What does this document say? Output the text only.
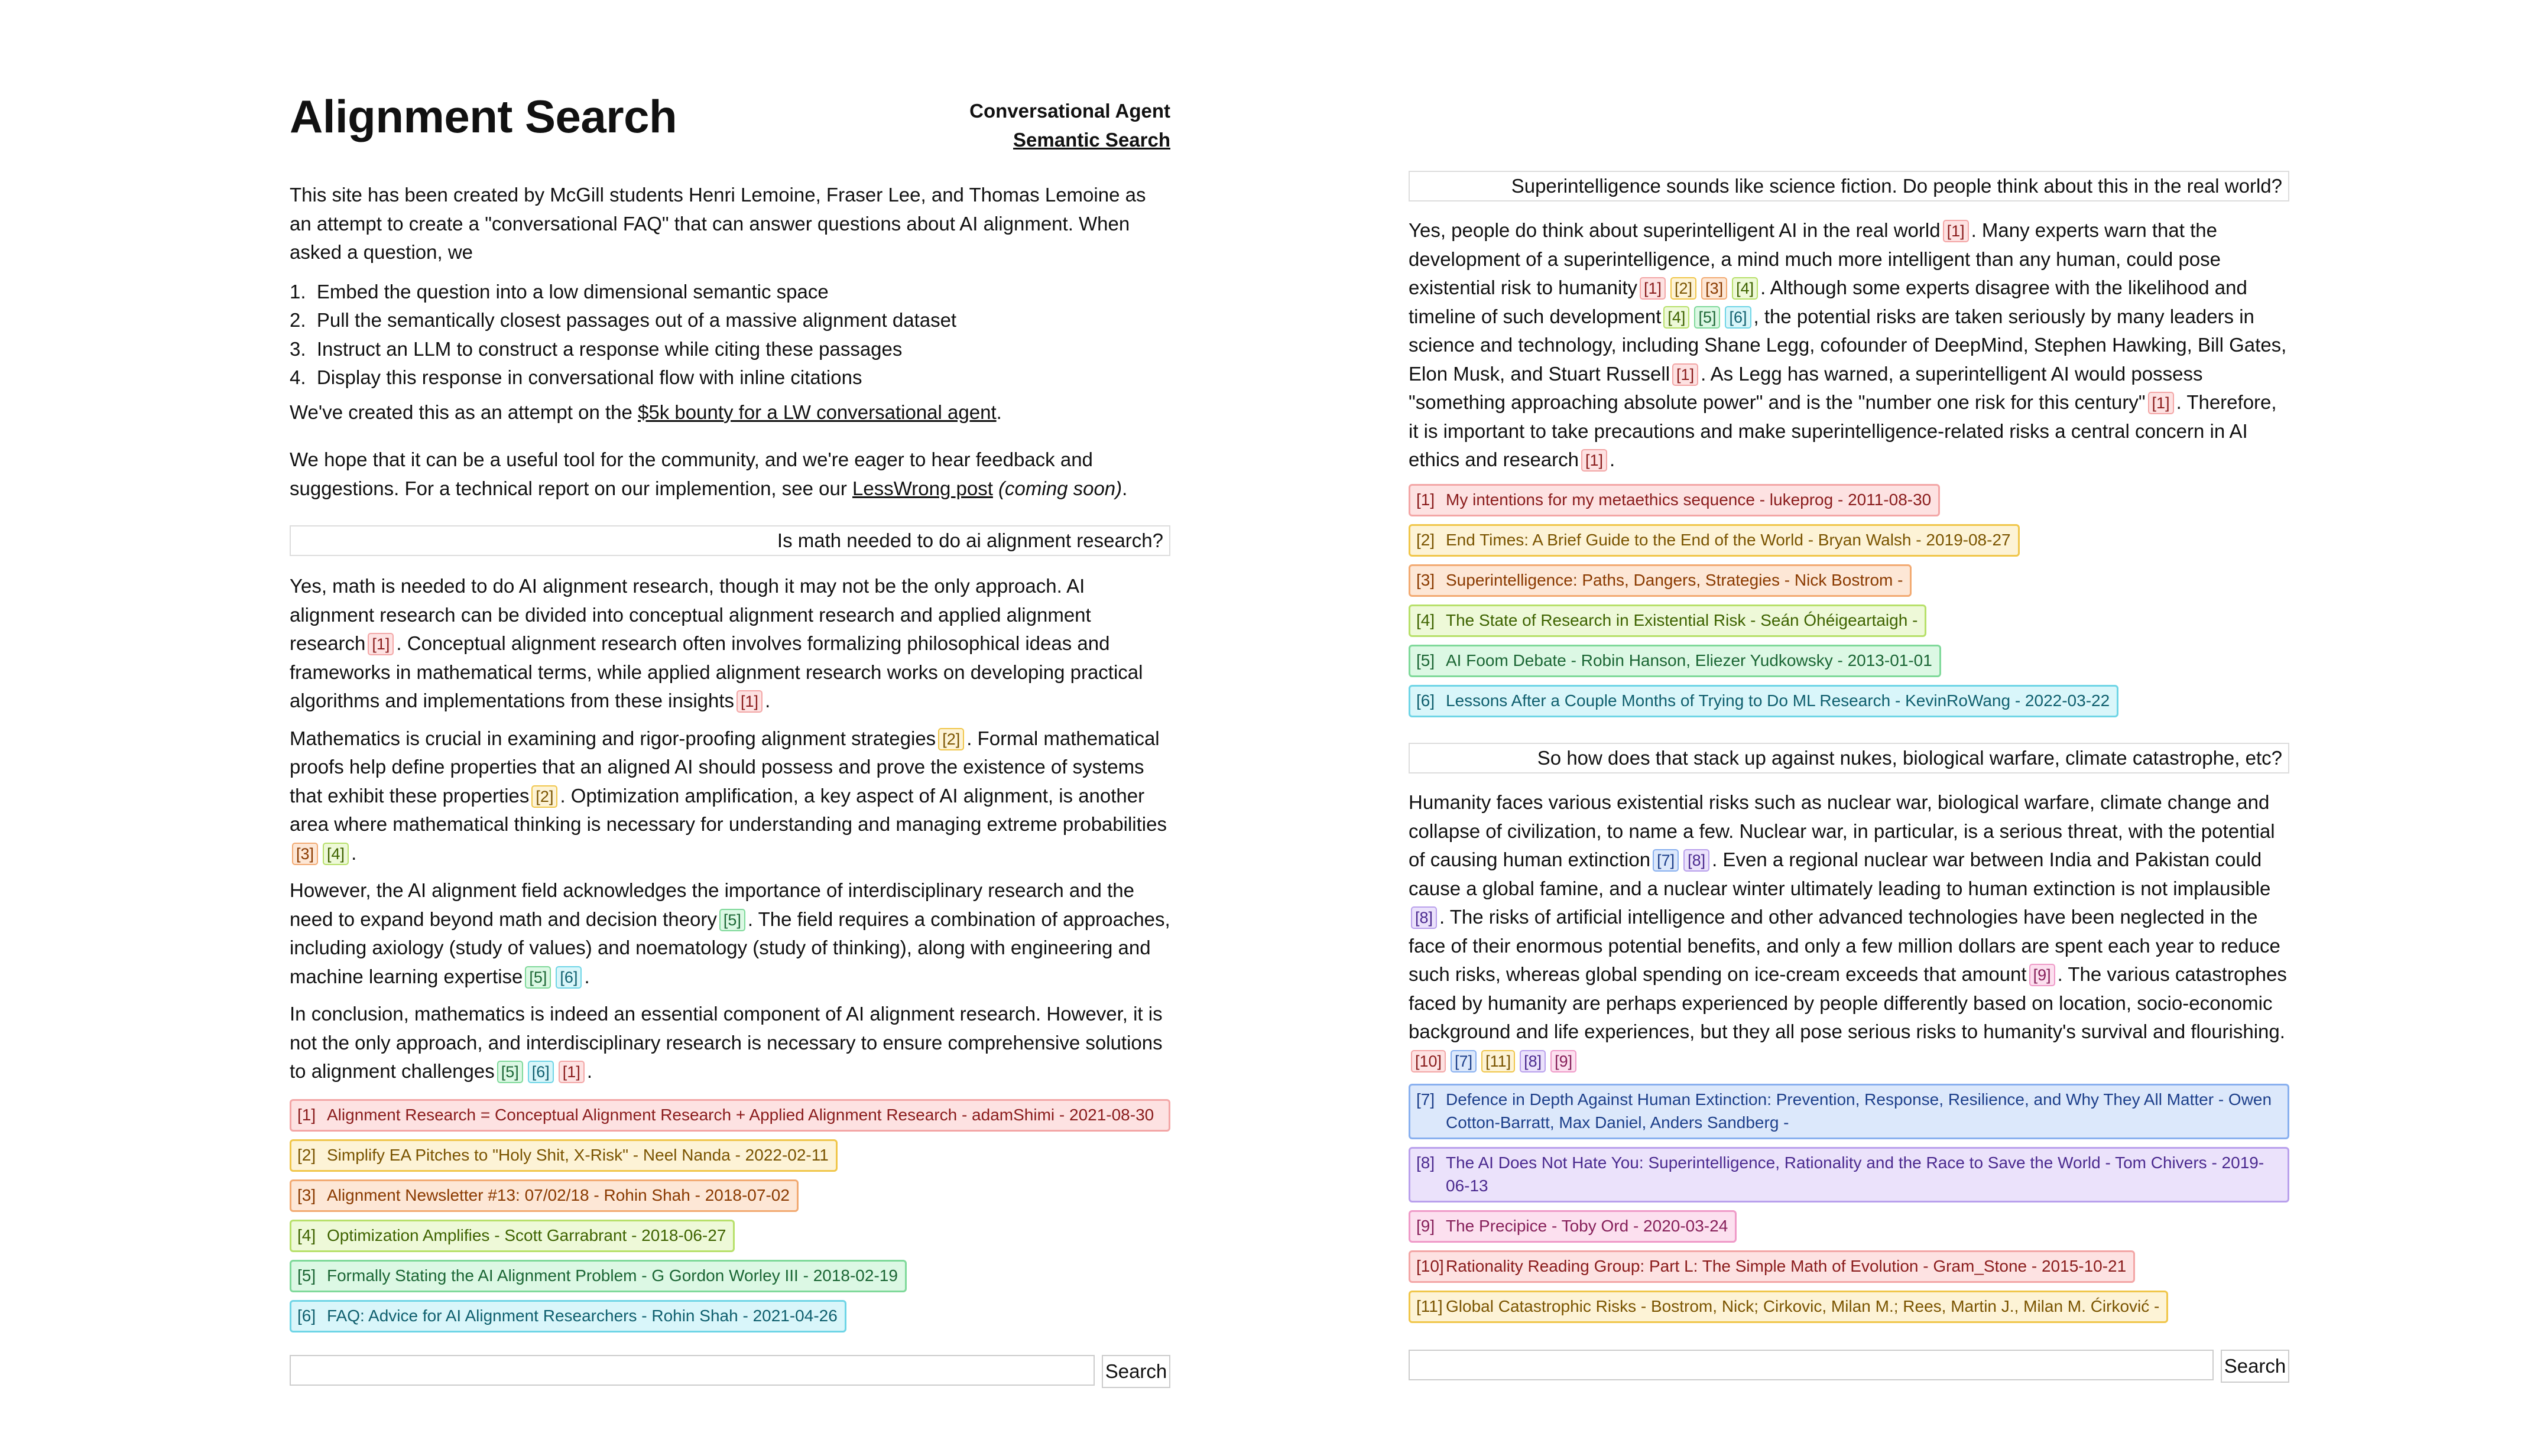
Alignment Search	Conversational Agent
Semantic Search

This site has been created by McGill students Henri Lemoine, Fraser Lee, and Thomas Lemoine as an attempt to create a "conversational FAQ" that can answer questions about AI alignment. When asked a question, we

1.  Embed the question into a low dimensional semantic space
2.  Pull the semantically closest passages out of a massive alignment dataset
3.  Instruct an LLM to construct a response while citing these passages
4.  Display this response in conversational flow with inline citations

We've created this as an attempt on the $5k bounty for a LW conversational agent.

We hope that it can be a useful tool for the community, and we're eager to hear feedback and suggestions. For a technical report on our implemention, see our LessWrong post (coming soon).

Is math needed to do ai alignment research?

Yes, math is needed to do AI alignment research, though it may not be the only approach. AI alignment research can be divided into conceptual alignment research and applied alignment research [1] . Conceptual alignment research often involves formalizing philosophical ideas and frameworks in mathematical terms, while applied alignment research works on developing practical algorithms and implementations from these insights [1] .

Mathematics is crucial in examining and rigor-proofing alignment strategies [2] . Formal mathematical proofs help define properties that an aligned AI should possess and prove the existence of systems that exhibit these properties [2] . Optimization amplification, a key aspect of AI alignment, is another area where mathematical thinking is necessary for understanding and managing extreme probabilities[3] [4] .

However, the AI alignment field acknowledges the importance of interdisciplinary research and the need to expand beyond math and decision theory [5] . The field requires a combination of approaches, including axiology (study of values) and noematology (study of thinking), along with engineering and machine learning expertise [5] [6] .

In conclusion, mathematics is indeed an essential component of AI alignment research. However, it is not the only approach, and interdisciplinary research is necessary to ensure comprehensive solutions to alignment challenges [5] [6] [1] .

[1] Alignment Research = Conceptual Alignment Research + Applied Alignment Research - adamShimi - 2021-08-30
[2] Simplify EA Pitches to "Holy Shit, X-Risk" - Neel Nanda - 2022-02-11
[3] Alignment Newsletter #13: 07/02/18 - Rohin Shah - 2018-07-02
[4] Optimization Amplifies - Scott Garrabrant - 2018-06-27
[5] Formally Stating the AI Alignment Problem - G Gordon Worley III - 2018-02-19
[6] FAQ: Advice for AI Alignment Researchers - Rohin Shah - 2021-04-26
Search
Superintelligence sounds like science fiction. Do people think about this in the real world?

Yes, people do think about superintelligent AI in the real world [1] . Many experts warn that the development of a superintelligence, a mind much more intelligent than any human, could pose existential risk to humanity [1] [2] [3] [4] . Although some experts disagree with the likelihood and timeline of such development [4] [5] [6] , the potential risks are taken seriously by many leaders in science and technology, including Shane Legg, cofounder of DeepMind, Stephen Hawking, Bill Gates, Elon Musk, and Stuart Russell [1] . As Legg has warned, a superintelligent AI would possess "something approaching absolute power" and is the "number one risk for this century" [1] . Therefore, it is important to take precautions and make superintelligence-related risks a central concern in AI ethics and research [1] .

[1] My intentions for my metaethics sequence - lukeprog - 2011-08-30
[2] End Times: A Brief Guide to the End of the World - Bryan Walsh - 2019-08-27
[3] Superintelligence: Paths, Dangers, Strategies - Nick Bostrom -
[4] The State of Research in Existential Risk - Seán Óhéigeartaigh -
[5] AI Foom Debate - Robin Hanson, Eliezer Yudkowsky - 2013-01-01
[6] Lessons After a Couple Months of Trying to Do ML Research - KevinRoWang - 2022-03-22
So how does that stack up against nukes, biological warfare, climate catastrophe, etc?

Humanity faces various existential risks such as nuclear war, biological warfare, climate change and collapse of civilization, to name a few. Nuclear war, in particular, is a serious threat, with the potential of causing human extinction [7] [8] . Even a regional nuclear war between India and Pakistan could cause a global famine, and a nuclear winter ultimately leading to human extinction is not implausible[8] . The risks of artificial intelligence and other advanced technologies have been neglected in the face of their enormous potential benefits, and only a few million dollars are spent each year to reduce such risks, whereas global spending on ice-cream exceeds that amount [9] . The various catastrophes faced by humanity are perhaps experienced by people differently based on location, socio-economic background and life experiences, but they all pose serious risks to humanity's survival and flourishing.[10] [7] [11] [8] [9]

[7] Defence in Depth Against Human Extinction: Prevention, Response, Resilience, and Why They All Matter - Owen Cotton-Barratt, Max Daniel, Anders Sandberg -
[8] The AI Does Not Hate You: Superintelligence, Rationality and the Race to Save the World - Tom Chivers - 2019-06-13
[9] The Precipice - Toby Ord - 2020-03-24
[10] Rationality Reading Group: Part L: The Simple Math of Evolution - Gram_Stone - 2015-10-21
[11] Global Catastrophic Risks - Bostrom, Nick; Cirkovic, Milan M.; Rees, Martin J., Milan M. Ćirković -
Search
